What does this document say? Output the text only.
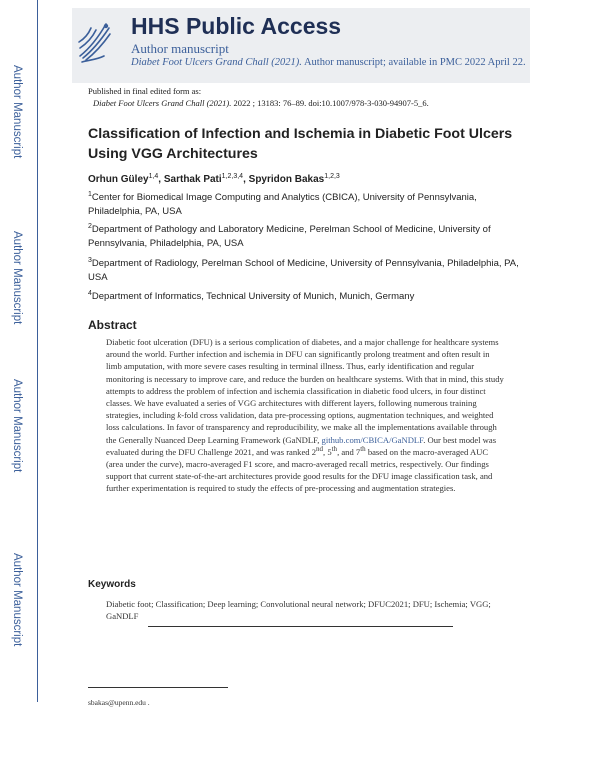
Author Manuscript
Author Manuscript
Author Manuscript
Author Manuscript
HHS Public Access
Author manuscript
Diabet Foot Ulcers Grand Chall (2021). Author manuscript; available in PMC 2022 April 22.
Published in final edited form as:
Diabet Foot Ulcers Grand Chall (2021). 2022 ; 13183: 76–89. doi:10.1007/978-3-030-94907-5_6.
Classification of Infection and Ischemia in Diabetic Foot Ulcers Using VGG Architectures
Orhun Güley$^{1,4}$, Sarthak Pati$^{1,2,3,4}$, Spyridon Bakas$^{1,2,3}$
$^1$Center for Biomedical Image Computing and Analytics (CBICA), University of Pennsylvania, Philadelphia, PA, USA
$^2$Department of Pathology and Laboratory Medicine, Perelman School of Medicine, University of Pennsylvania, Philadelphia, PA, USA
$^3$Department of Radiology, Perelman School of Medicine, University of Pennsylvania, Philadelphia, PA, USA
$^4$Department of Informatics, Technical University of Munich, Munich, Germany
Abstract

Diabetic foot ulceration (DFU) is a serious complication of diabetes, and a major challenge for healthcare systems around the world. Further infection and ischemia in DFU can significantly prolong treatment and often result in limb amputation, with more severe cases resulting in terminal illness. Thus, early identification and regular monitoring is necessary to improve care, and reduce the burden on healthcare systems. With that in mind, this study attempts to address the problem of infection and ischemia classification in diabetic food ulcers, in four distinct classes. We have evaluated a series of VGG architectures with different layers, following numerous training strategies, including k-fold cross validation, data pre-processing options, augmentation techniques, and weighted loss calculations. In favor of transparency and reproducibility, we make all the implementations available through the Generally Nuanced Deep Learning Framework (GaNDLF, github.com/CBICA/GaNDLF. Our best model was evaluated during the DFU Challenge 2021, and was ranked 2nd, 5th, and 7th based on the macro-averaged AUC (area under the curve), macro-averaged F1 score, and macro-averaged recall metrics, respectively. Our findings support that current state-of-the-art architectures provide good results for the DFU image classification task, and further experimentation is required to study the effects of pre-processing and augmentation strategies.

Keywords

Diabetic foot; Classification; Deep learning; Convolutional neural network; DFUC2021; DFU; Ischemia; VGG; GaNDLF

sbakas@upenn.edu .
